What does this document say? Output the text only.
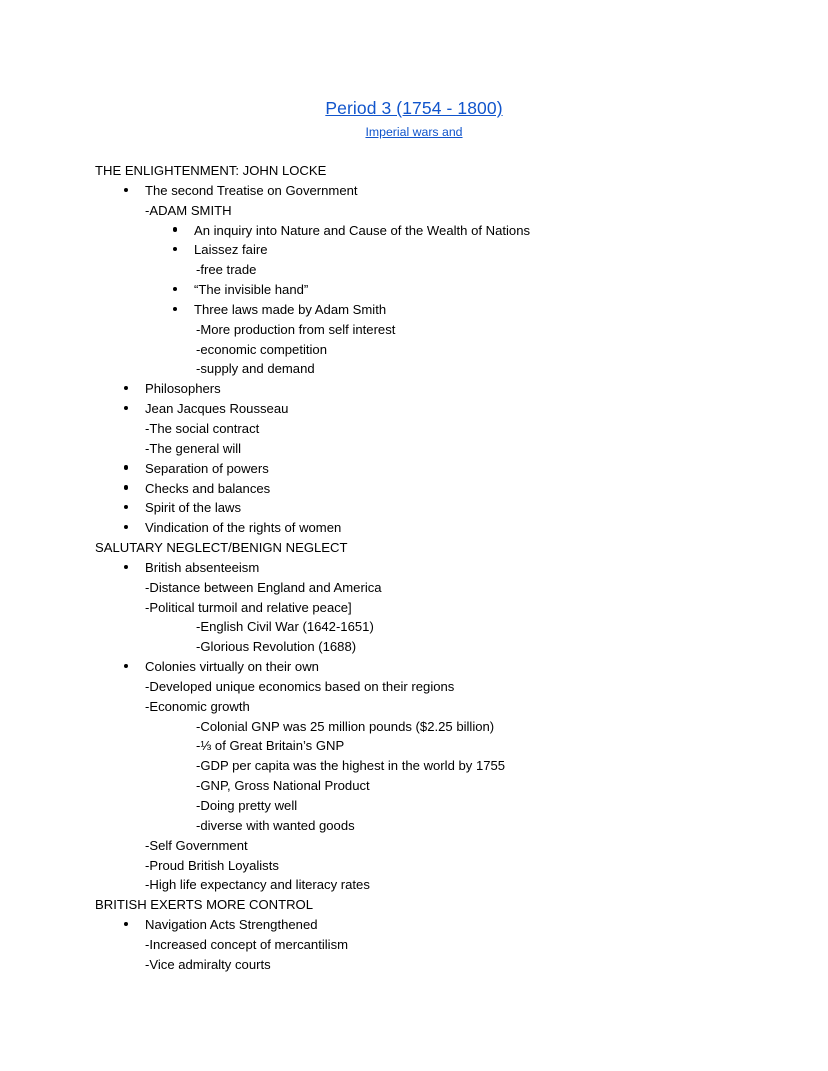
Period 3 (1754 - 1800)
Imperial wars and
THE ENLIGHTENMENT: JOHN LOCKE
The second Treatise on Government
-ADAM SMITH
An inquiry into Nature and Cause of the Wealth of Nations
Laissez faire
-free trade
“The invisible hand”
Three laws made by Adam Smith
-More production from self interest
-economic competition
-supply and demand
Philosophers
Jean Jacques Rousseau
-The social contract
-The general will
Separation of powers
Checks and balances
Spirit of the laws
Vindication of the rights of women
SALUTARY NEGLECT/BENIGN NEGLECT
British absenteeism
-Distance between England and America
-Political turmoil and relative peace]
-English Civil War (1642-1651)
-Glorious Revolution (1688)
Colonies virtually on their own
-Developed unique economics based on their regions
-Economic growth
-Colonial GNP was 25 million pounds ($2.25 billion)
-⅓ of Great Britain’s GNP
-GDP per capita was the highest in the world by 1755
-GNP, Gross National Product
-Doing pretty well
-diverse with wanted goods
-Self Government
-Proud British Loyalists
-High life expectancy and literacy rates
BRITISH EXERTS MORE CONTROL
Navigation Acts Strengthened
-Increased concept of mercantilism
-Vice admiralty courts
